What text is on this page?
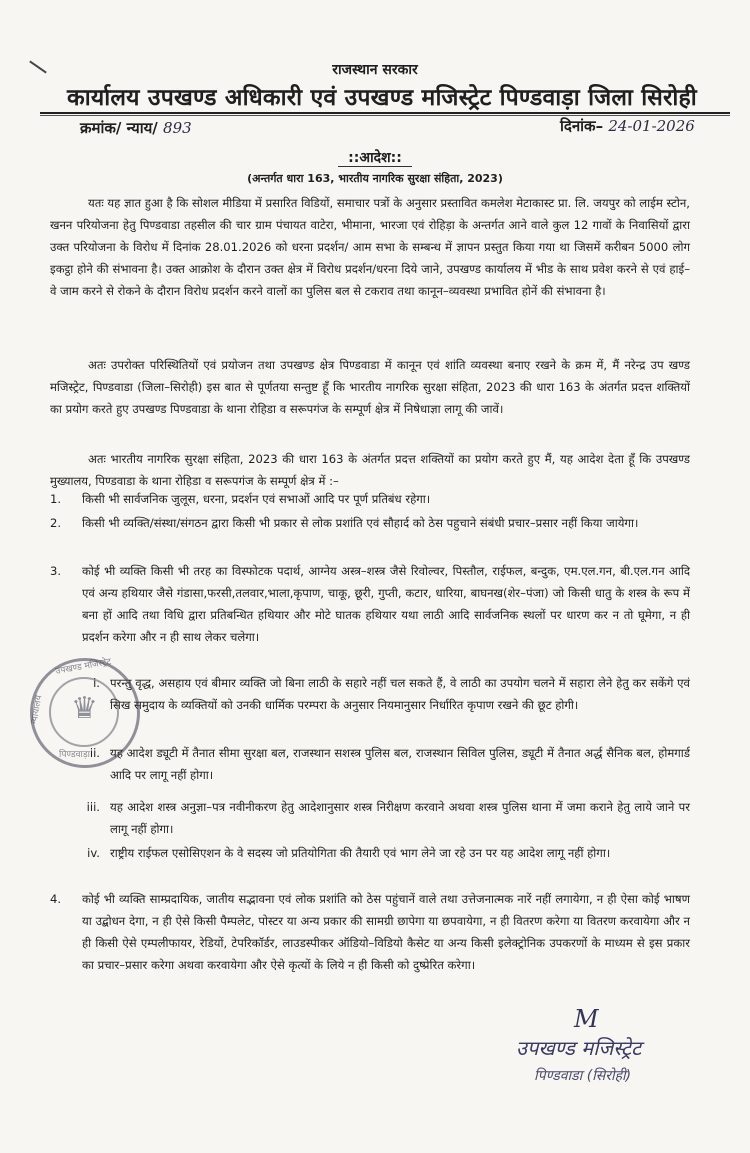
राजस्थान सरकार
कार्यालय उपखण्ड अधिकारी एवं उपखण्ड मजिस्ट्रेट पिण्डवाड़ा जिला सिरोही
क्रमांक/ न्याय/ 893	दिनांक– 24-01-2026
::आदेश::
(अन्तर्गत धारा 163, भारतीय नागरिक सुरक्षा संहिता, 2023)

यतः यह ज्ञात हुआ है कि सोशल मीडिया में प्रसारित विडियों, समाचार पत्रों के अनुसार प्रस्तावित कमलेश मेटाकास्ट प्रा. लि. जयपुर को लाईम स्टोन, खनन परियोजना हेतु पिण्डवाडा तहसील की चार ग्राम पंचायत वाटेरा, भीमाना, भारजा एवं रोहिड़ा के अन्तर्गत आने वाले कुल 12 गावों के निवासियों द्वारा उक्त परियोजना के विरोध में दिनांक 28.01.2026 को धरना प्रदर्शन/ आम सभा के सम्बन्ध में ज्ञापन प्रस्तुत किया गया था जिसमें करीबन 5000 लोग इकट्ठा होने की संभावना है। उक्त आक्रोश के दौरान उक्त क्षेत्र में विरोध प्रदर्शन/धरना दिये जाने, उपखण्ड कार्यालय में भीड के साथ प्रवेश करने से एवं हाई–वे जाम करने से रोकने के दौरान विरोध प्रदर्शन करने वालों का पुलिस बल से टकराव तथा कानून–व्यवस्था प्रभावित होनें की संभावना है।

अतः उपरोक्त परिस्थितियों एवं प्रयोजन तथा उपखण्ड क्षेत्र पिण्डवाडा में कानून एवं शांति व्यवस्था बनाए रखने के क्रम में, मैं नरेन्द्र उप खण्ड मजिस्ट्रेट, पिण्डवाडा (जिला–सिरोही) इस बात से पूर्णतया सन्तुष्ट हूँ कि भारतीय नागरिक सुरक्षा संहिता, 2023 की धारा 163 के अंतर्गत प्रदत्त शक्तियों का प्रयोग करते हुए उपखण्ड पिण्डवाडा के थाना रोहिडा व सरूपगंज के सम्पूर्ण क्षेत्र में निषेधाज्ञा लागू की जावें।

अतः भारतीय नागरिक सुरक्षा संहिता, 2023 की धारा 163 के अंतर्गत प्रदत्त शक्तियों का प्रयोग करते हुए मैं, यह आदेश देता हूँ कि उपखण्ड मुख्यालय, पिण्डवाडा के थाना रोहिडा व सरूपगंज के सम्पूर्ण क्षेत्र में :–

1. किसी भी सार्वजनिक जुलूस, धरना, प्रदर्शन एवं सभाओं आदि पर पूर्ण प्रतिबंध रहेगा।
2. किसी भी व्यक्ति/संस्था/संगठन द्वारा किसी भी प्रकार से लोक प्रशांति एवं सौहार्द को ठेस पहुचाने संबंधी प्रचार–प्रसार नहीं किया जायेगा।
3. कोई भी व्यक्ति किसी भी तरह का विस्फोटक पदार्थ, आग्नेय अस्त्र–शस्त्र जैसे रिवोल्वर, पिस्तौल, राईफल, बन्दुक, एम.एल.गन, बी.एल.गन आदि एवं अन्य हथियार जैसे गंडासा,फरसी,तलवार,भाला,कृपाण, चाकू, छूरी, गुप्ती, कटार, धारिया, बाघनख(शेर–पंजा) जो किसी धातु के शस्त्र के रूप में बना हों आदि तथा विधि द्वारा प्रतिबन्धित हथियार और मोटे घातक हथियार यथा लाठी आदि सार्वजनिक स्थलों पर धारण कर न तो घूमेगा, न ही प्रदर्शन करेगा और न ही साथ लेकर चलेगा।
i. परन्तु वृद्ध, असहाय एवं बीमार व्यक्ति जो बिना लाठी के सहारे नहीं चल सकते हैं, वे लाठी का उपयोग चलने में सहारा लेने हेतु कर सकेंगे एवं सिख समुदाय के व्यक्तियों को उनकी धार्मिक परम्परा के अनुसार नियमानुसार निर्धारित कृपाण रखने की छूट होगी।
ii. यह आदेश ड्यूटी में तैनात सीमा सुरक्षा बल, राजस्थान सशस्त्र पुलिस बल, राजस्थान सिविल पुलिस, ड्यूटी में तैनात अर्द्ध सैनिक बल, होमगार्ड आदि पर लागू नहीं होगा।
iii. यह आदेश शस्त्र अनुज्ञा–पत्र नवीनीकरण हेतु आदेशानुसार शस्त्र निरीक्षण करवाने अथवा शस्त्र पुलिस थाना में जमा कराने हेतु लाये जाने पर लागू नहीं होगा।
iv. राष्ट्रीय राईफल एसोसिएशन के वे सदस्य जो प्रतियोगिता की तैयारी एवं भाग लेने जा रहे उन पर यह आदेश लागू नहीं होगा।
4. कोई भी व्यक्ति साम्प्रदायिक, जातीय सद्भावना एवं लोक प्रशांति को ठेस पहुंचानें वाले तथा उत्तेजनात्मक नारें नहीं लगायेगा, न ही ऐसा कोई भाषण या उद्बोधन देगा, न ही ऐसे किसी पैम्पलेट, पोस्टर या अन्य प्रकार की सामग्री छापेगा या छपवायेगा, न ही वितरण करेगा या वितरण करवायेगा और न ही किसी ऐसे एम्पलीफायर, रेडियों, टेपरिकॉर्डर, लाउडस्पीकर ऑडियो–विडियो कैसेट या अन्य किसी इलेक्ट्रोनिक उपकरणों के माध्यम से इस प्रकार का प्रचार–प्रसार करेगा अथवा करवायेगा और ऐसे कृत्यों के लिये न ही किसी को दुष्प्रेरित करेगा।
♛
उपखण्ड मजिस्ट्रेट
न्यायालय
पिण्डवाड़ा
M
उपखण्ड मजिस्ट्रेट
पिण्डवाडा (सिरोही)
